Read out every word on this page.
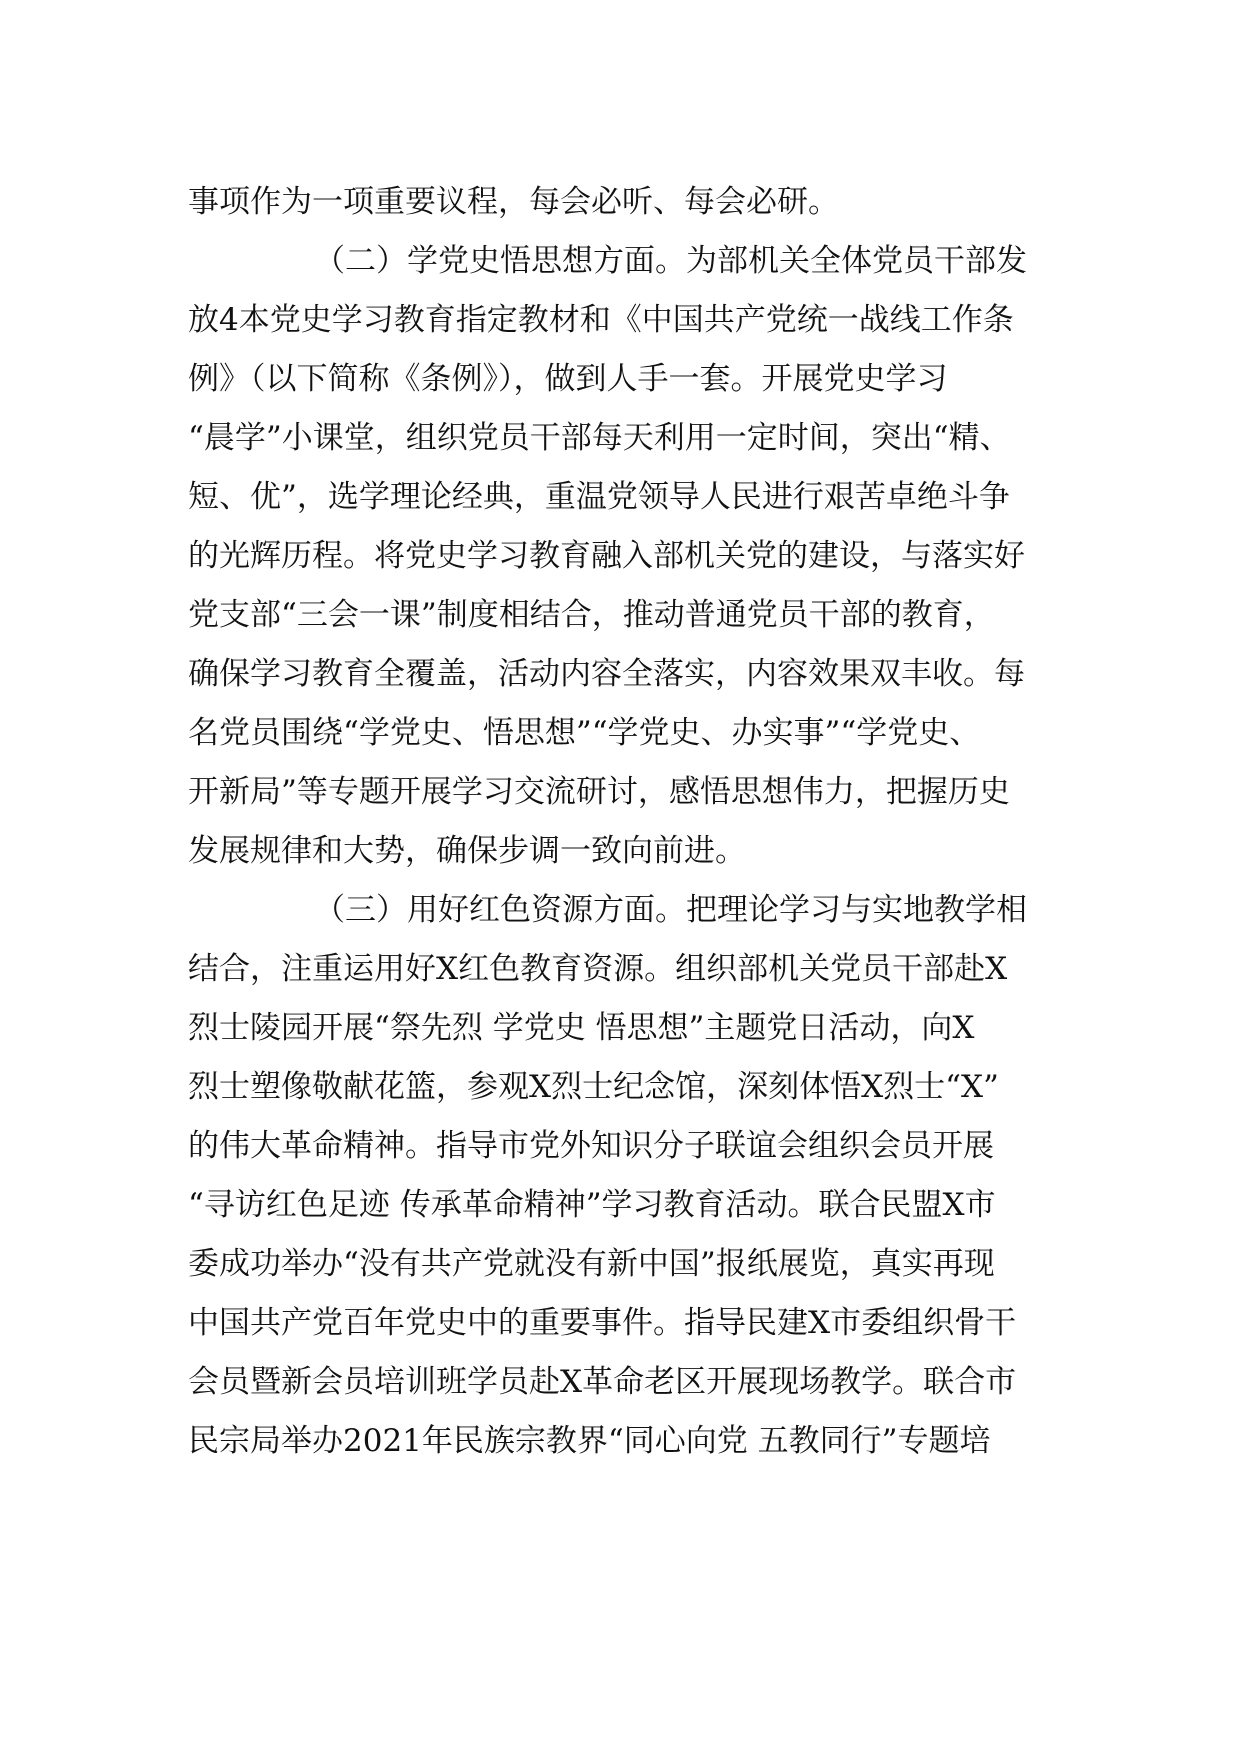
事项作为一项重要议程，每会必听、每会必研。
（二）学党史悟思想方面。为部机关全体党员干部发
放4本党史学习教育指定教材和《中国共产党统一战线工作条
例》（以下简称《条例》），做到人手一套。开展党史学习
“晨学”小课堂，组织党员干部每天利用一定时间，突出“精、
短、优”，选学理论经典，重温党领导人民进行艰苦卓绝斗争
的光辉历程。将党史学习教育融入部机关党的建设，与落实好
党支部“三会一课”制度相结合，推动普通党员干部的教育，
确保学习教育全覆盖，活动内容全落实，内容效果双丰收。每
名党员围绕“学党史、悟思想”“学党史、办实事”“学党史、
开新局”等专题开展学习交流研讨，感悟思想伟力，把握历史
发展规律和大势，确保步调一致向前进。
（三）用好红色资源方面。把理论学习与实地教学相
结合，注重运用好X红色教育资源。组织部机关党员干部赴X
烈士陵园开展“祭先烈 学党史 悟思想”主题党日活动，向X
烈士塑像敬献花篮，参观X烈士纪念馆，深刻体悟X烈士“X”
的伟大革命精神。指导市党外知识分子联谊会组织会员开展
“寻访红色足迹 传承革命精神”学习教育活动。联合民盟X市
委成功举办“没有共产党就没有新中国”报纸展览，真实再现
中国共产党百年党史中的重要事件。指导民建X市委组织骨干
会员暨新会员培训班学员赴X革命老区开展现场教学。联合市
民宗局举办2021年民族宗教界“同心向党 五教同行”专题培
